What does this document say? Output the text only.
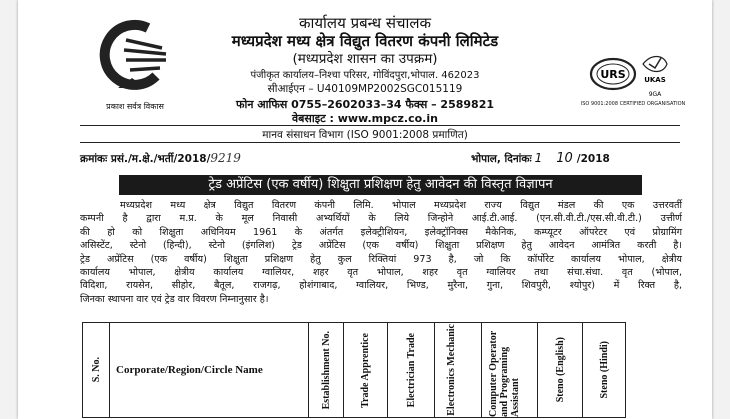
प्रकाश सर्वत्र विकास
कार्यालय प्रबन्ध संचालक
मध्यप्रदेश मध्य क्षेत्र विद्युत वितरण कंपनी लिमिटेड
(मध्यप्रदेश शासन का उपक्रम)
पंजीकृत कार्यालय–निश्चा परिसर, गोविंदपुरा,भोपाल. 462023
सीआईएन – U40109MP2002SGC015119
फोन आफिस 0755–2602033–34 फैक्स – 2589821
वेबसाइट : www.mpcz.co.in
मानव संसाधन विभाग (ISO 9001:2008 प्रमाणित)
URS	UKAS
9GA
ISO 9001:2008 CERTIFIED ORGANISATION
क्रमांकः प्रसं./म.क्षे./भर्ती/2018/9219	भोपाल, दिनांकः 1 10 /2018
ट्रेड अप्रेंटिस (एक वर्षीय) शिक्षुता प्रशिक्षण हेतु आवेदन की विस्तृत विज्ञापन
मध्यप्रदेश मध्य क्षेत्र विद्युत वितरण कंपनी लिमि. भोपाल मध्यप्रदेश राज्य विद्युत मंडल की एक उत्तरवर्ती
कम्पनी है द्वारा म.प्र. के मूल निवासी अभ्यर्थियों के लिये जिन्होने आई.टी.आई. (एन.सी.वी.टी./एस.सी.वी.टी.) उत्तीर्ण
की हो को शिक्षुता अधिनियम 1961 के अंतर्गत इलेक्ट्रीशियन, इलेक्ट्रॉनिक्स मैकेनिक, कम्प्यूटर ऑपरेटर एवं प्रोग्रामिंग
असिस्टेंट, स्टेनो (हिन्दी), स्टेनो (इंगलिश) ट्रेड अप्रेंटिस (एक वर्षीय) शिक्षुता प्रशिक्षण हेतु आवेदन आमंत्रित करती है।
ट्रेड अप्रेंटिस (एक वर्षीय) शिक्षुता प्रशिक्षण हेतु कुल रिक्तियां 973 है, जो कि कॉर्पोरेट कार्यालय भोपाल, क्षेत्रीय
कार्यालय भोपाल, क्षेत्रीय कार्यालय ग्वालियर, शहर वृत भोपाल, शहर वृत ग्वालियर तथा संचा.संधा. वृत (भोपाल,
विदिशा, रायसेन, सीहोर, बैतूल, राजगढ़, होशंगाबाद, ग्वालियर, भिण्ड, मुरैना, गुना, शिवपुरी, श्योपुर) में रिक्त है,
जिनका स्थापना वार एवं ट्रेड वार विवरण निम्नानुसार है।
S. No.	Corporate/Region/Circle Name	Establishment No.	Trade Apprentice	Electrician Trade	Electronics Mechanic	Computer Operator and Programing Assistant	Steno (English)	Steno (Hindi)
